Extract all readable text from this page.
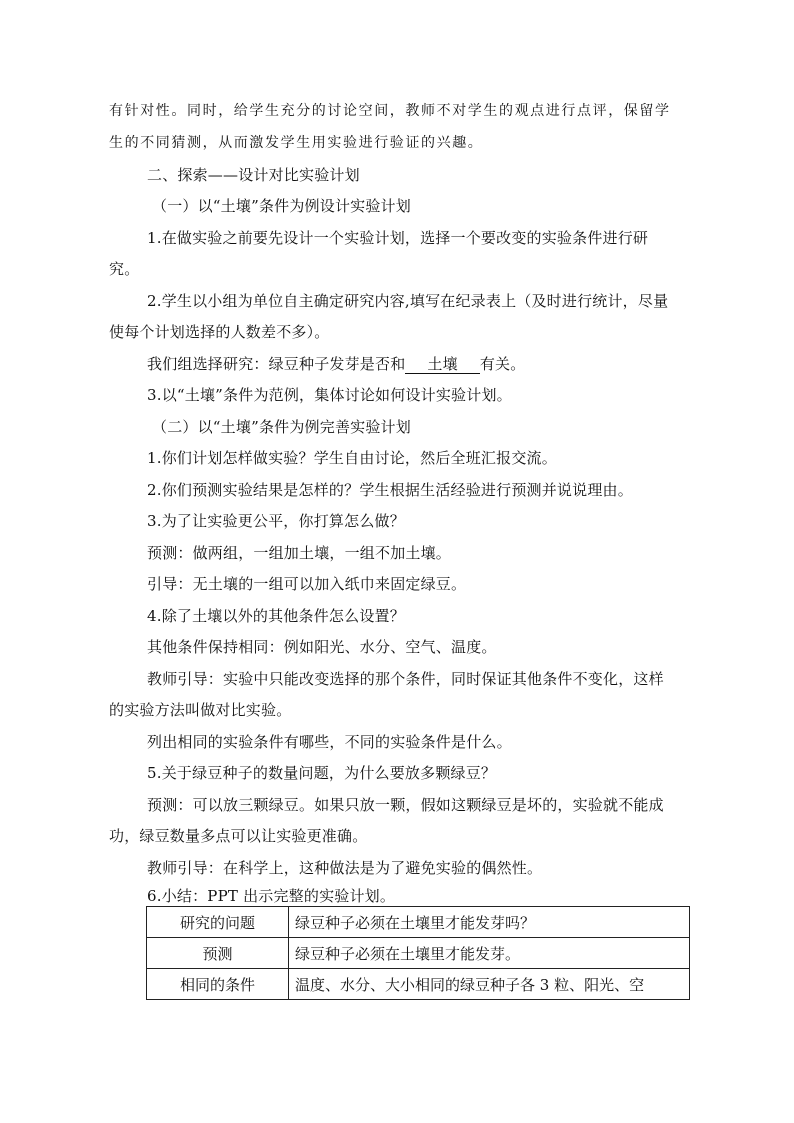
有针对性。同时，给学生充分的讨论空间，教师不对学生的观点进行点评，保留学
生的不同猜测，从而激发学生用实验进行验证的兴趣。
二、探索——设计对比实验计划
（一）以“土壤”条件为例设计实验计划
1.在做实验之前要先设计一个实验计划，选择一个要改变的实验条件进行研
究。
2.学生以小组为单位自主确定研究内容,填写在纪录表上（及时进行统计，尽量
使每个计划选择的人数差不多）。
我们组选择研究：绿豆种子发芽是否和 土壤 有关。
3.以“土壤”条件为范例，集体讨论如何设计实验计划。
（二）以“土壤”条件为例完善实验计划
1.你们计划怎样做实验？学生自由讨论，然后全班汇报交流。
2.你们预测实验结果是怎样的？学生根据生活经验进行预测并说说理由。
3.为了让实验更公平，你打算怎么做？
预测：做两组，一组加土壤，一组不加土壤。
引导：无土壤的一组可以加入纸巾来固定绿豆。
4.除了土壤以外的其他条件怎么设置？
其他条件保持相同：例如阳光、水分、空气、温度。
教师引导：实验中只能改变选择的那个条件，同时保证其他条件不变化，这样
的实验方法叫做对比实验。
列出相同的实验条件有哪些，不同的实验条件是什么。
5.关于绿豆种子的数量问题，为什么要放多颗绿豆？
预测：可以放三颗绿豆。如果只放一颗，假如这颗绿豆是坏的，实验就不能成
功，绿豆数量多点可以让实验更准确。
教师引导：在科学上，这种做法是为了避免实验的偶然性。
6.小结：PPT 出示完整的实验计划。
研究的问题	绿豆种子必须在土壤里才能发芽吗？
预测	绿豆种子必须在土壤里才能发芽。
相同的条件	温度、水分、大小相同的绿豆种子各 3 粒、阳光、空
